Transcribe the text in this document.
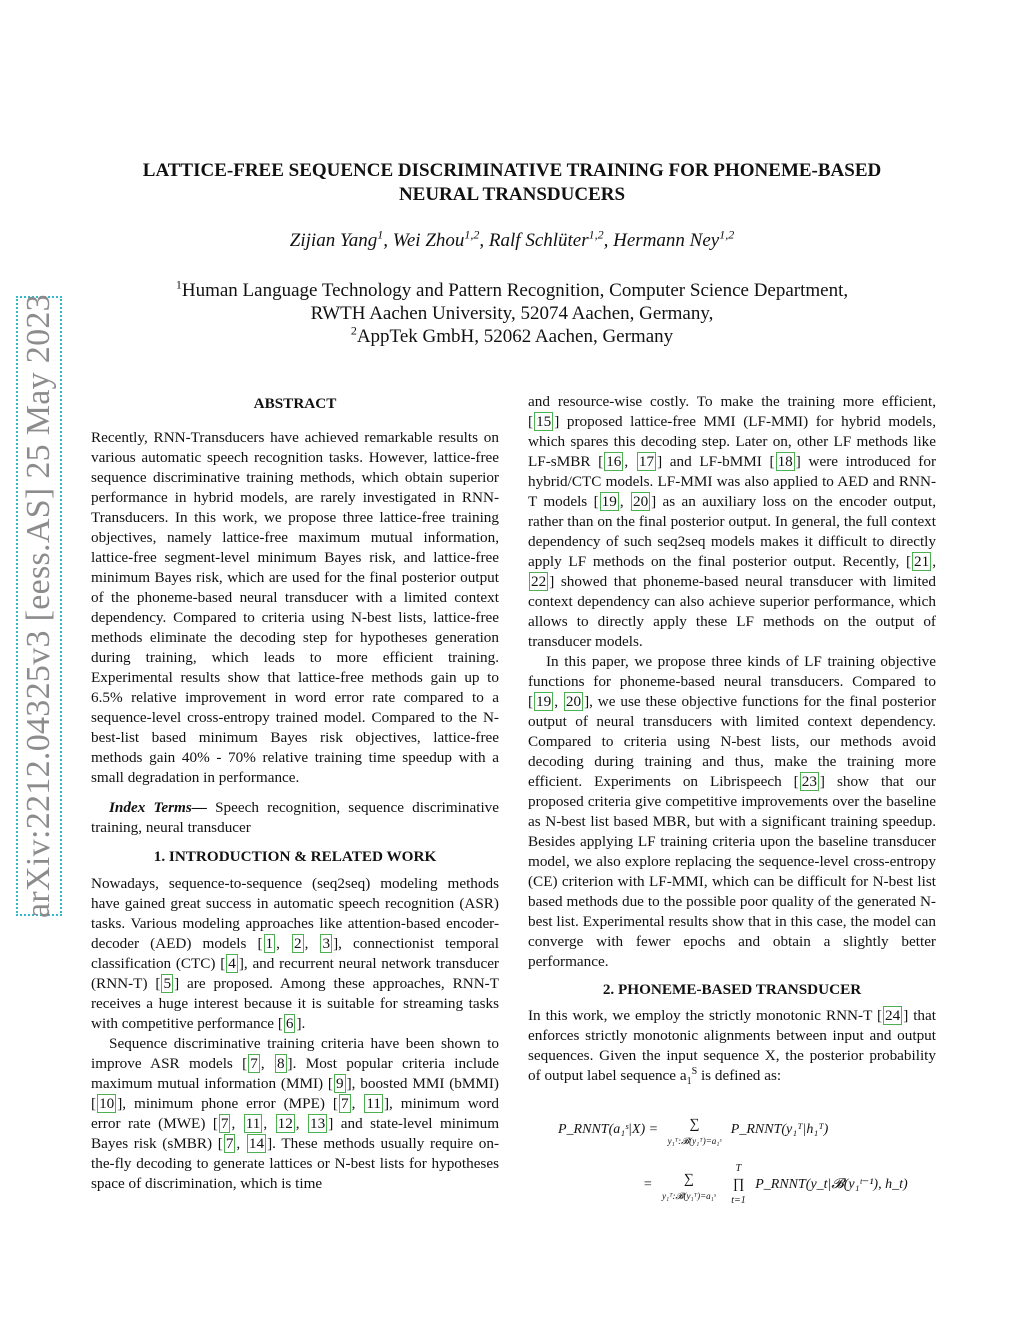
arXiv:2212.04325v3 [eess.AS] 25 May 2023
LATTICE-FREE SEQUENCE DISCRIMINATIVE TRAINING FOR PHONEME-BASED
NEURAL TRANSDUCERS
Zijian Yang$^1$, Wei Zhou$^{1,2}$, Ralf Schlüter$^{1,2}$, Hermann Ney$^{1,2}$
$^1$Human Language Technology and Pattern Recognition, Computer Science Department,
RWTH Aachen University, 52074 Aachen, Germany,
$^2$AppTek GmbH, 52062 Aachen, Germany

ABSTRACT

Recently, RNN-Transducers have achieved remarkable results on various automatic speech recognition tasks. However, lattice-free sequence discriminative training methods, which obtain superior performance in hybrid models, are rarely investigated in RNN-Transducers. In this work, we propose three lattice-free training objectives, namely lattice-free maximum mutual information, lattice-free segment-level minimum Bayes risk, and lattice-free minimum Bayes risk, which are used for the final posterior output of the phoneme-based neural transducer with a limited context dependency. Compared to criteria using N-best lists, lattice-free methods eliminate the decoding step for hypotheses generation during training, which leads to more efficient training. Experimental results show that lattice-free methods gain up to 6.5% relative improvement in word error rate compared to a sequence-level cross-entropy trained model. Compared to the N-best-list based minimum Bayes risk objectives, lattice-free methods gain 40% - 70% relative training time speedup with a small degradation in performance.

Index Terms— Speech recognition, sequence discriminative training, neural transducer

1. INTRODUCTION & RELATED WORK

Nowadays, sequence-to-sequence (seq2seq) modeling methods have gained great success in automatic speech recognition (ASR) tasks. Various modeling approaches like attention-based encoder-decoder (AED) models [ 1 , 2 , 3 ], connectionist temporal classification (CTC) [ 4 ], and recurrent neural network transducer (RNN-T) [ 5 ] are proposed. Among these approaches, RNN-T receives a huge interest because it is suitable for streaming tasks with competitive performance [ 6 ].

Sequence discriminative training criteria have been shown to improve ASR models [ 7 , 8 ]. Most popular criteria include maximum mutual information (MMI) [ 9 ], boosted MMI (bMMI) [ 10 ], minimum phone error (MPE) [ 7 , 11 ], minimum word error rate (MWE) [ 7 , 11 , 12 , 13 ] and state-level minimum Bayes risk (sMBR) [ 7 , 14 ]. These methods usually require on-the-fly decoding to generate lattices or N-best lists for hypotheses space of discrimination, which is time

and resource-wise costly. To make the training more efficient, [ 15 ] proposed lattice-free MMI (LF-MMI) for hybrid models, which spares this decoding step. Later on, other LF methods like LF-sMBR [ 16 , 17 ] and LF-bMMI [ 18 ] were introduced for hybrid/CTC models. LF-MMI was also applied to AED and RNN-T models [ 19 , 20 ] as an auxiliary loss on the encoder output, rather than on the final posterior output. In general, the full context dependency of such seq2seq models makes it difficult to directly apply LF methods on the final posterior output. Recently, [ 21 , 22 ] showed that phoneme-based neural transducer with limited context dependency can also achieve superior performance, which allows to directly apply these LF methods on the output of transducer models.

In this paper, we propose three kinds of LF training objective functions for phoneme-based neural transducers. Compared to [ 19 , 20 ], we use these objective functions for the final posterior output of neural transducers with limited context dependency. Compared to criteria using N-best lists, our methods avoid decoding during training and thus, make the training more efficient. Experiments on Librispeech [ 23 ] show that our proposed criteria give competitive improvements over the baseline as N-best list based MBR, but with a significant training speedup. Besides applying LF training criteria upon the baseline transducer model, we also explore replacing the sequence-level cross-entropy (CE) criterion with LF-MMI, which can be difficult for N-best list based methods due to the possible poor quality of the generated N-best list. Experimental results show that in this case, the model can converge with fewer epochs and obtain a slightly better performance.

2. PHONEME-BASED TRANSDUCER

In this work, we employ the strictly monotonic RNN-T [ 24 ] that enforces strictly monotonic alignments between input and output sequences. Given the input sequence X, the posterior probability of output label sequence $a_1^S$ is defined as:

P_RNNT(a₁ˢ|X) =	∑
y₁ᵀ:𝓑(y₁ᵀ)=a₁ˢ
P_RNNT(y₁ᵀ|h₁ᵀ)
=	∑
y₁ᵀ:𝓑(y₁ᵀ)=a₁ˢ

T
∏
t=1
P_RNNT(y_t|𝓑(y₁ᵗ⁻¹), h_t)
